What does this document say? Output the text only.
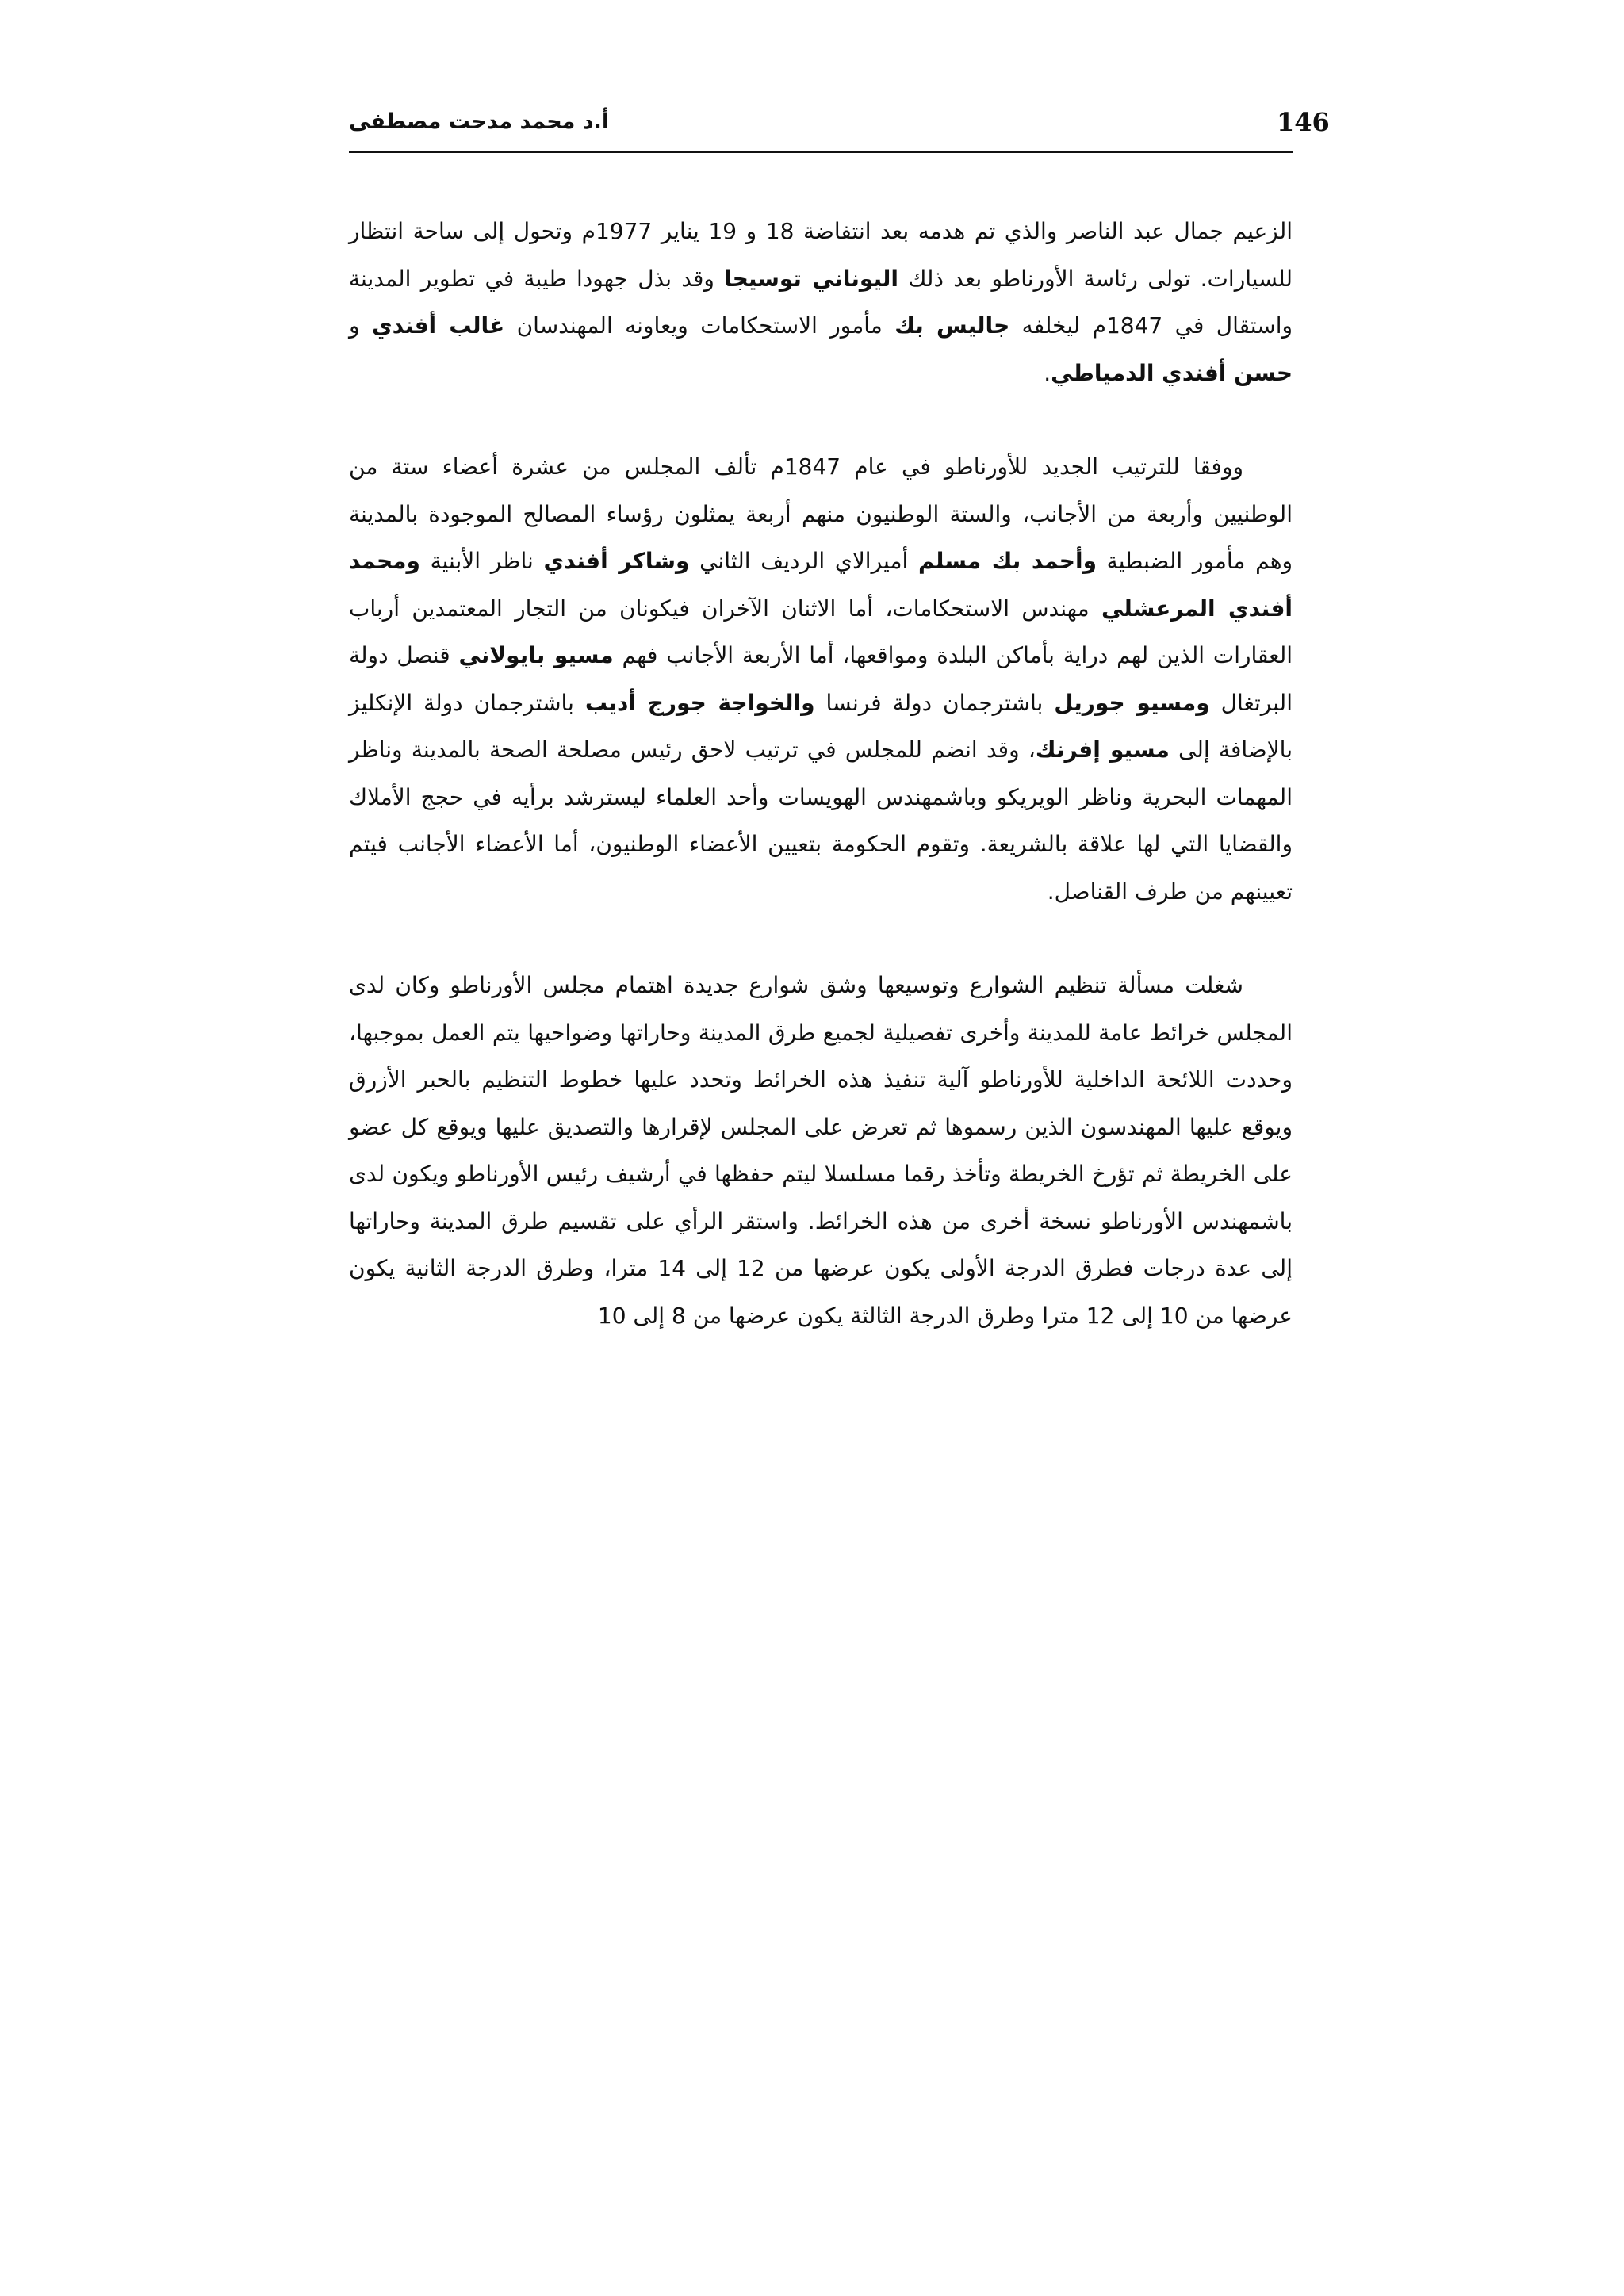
146
أ.د محمد مدحت مصطفى

الزعيم جمال عبد الناصر والذي تم هدمه بعد انتفاضة 18 و 19 يناير 1977م وتحول إلى ساحة انتظار للسيارات. تولى رئاسة الأورناطو بعد ذلك اليوناني توسيجا وقد بذل جهودا طيبة في تطوير المدينة واستقال في 1847م ليخلفه جاليس بك مأمور الاستحكامات ويعاونه المهندسان غالب أفندي و حسن أفندي الدمياطي.

ووفقا للترتيب الجديد للأورناطو في عام 1847م تألف المجلس من عشرة أعضاء ستة من الوطنيين وأربعة من الأجانب، والستة الوطنيون منهم أربعة يمثلون رؤساء المصالح الموجودة بالمدينة وهم مأمور الضبطية وأحمد بك مسلم أميرالاي الرديف الثاني وشاكر أفندي ناظر الأبنية ومحمد أفندي المرعشلي مهندس الاستحكامات، أما الاثنان الآخران فيكونان من التجار المعتمدين أرباب العقارات الذين لهم دراية بأماكن البلدة ومواقعها، أما الأربعة الأجانب فهم مسيو بايولاني قنصل دولة البرتغال ومسيو جوريل باشترجمان دولة فرنسا والخواجة جورج أديب باشترجمان دولة الإنكليز بالإضافة إلى مسيو إفرنك، وقد انضم للمجلس في ترتيب لاحق رئيس مصلحة الصحة بالمدينة وناظر المهمات البحرية وناظر الويريكو وباشمهندس الهويسات وأحد العلماء ليسترشد برأيه في حجج الأملاك والقضايا التي لها علاقة بالشريعة. وتقوم الحكومة بتعيين الأعضاء الوطنيون، أما الأعضاء الأجانب فيتم تعيينهم من طرف القناصل.

شغلت مسألة تنظيم الشوارع وتوسيعها وشق شوارع جديدة اهتمام مجلس الأورناطو وكان لدى المجلس خرائط عامة للمدينة وأخرى تفصيلية لجميع طرق المدينة وحاراتها وضواحيها يتم العمل بموجبها، وحددت اللائحة الداخلية للأورناطو آلية تنفيذ هذه الخرائط وتحدد عليها خطوط التنظيم بالحبر الأزرق ويوقع عليها المهندسون الذين رسموها ثم تعرض على المجلس لإقرارها والتصديق عليها ويوقع كل عضو على الخريطة ثم تؤرخ الخريطة وتأخذ رقما مسلسلا ليتم حفظها في أرشيف رئيس الأورناطو ويكون لدى باشمهندس الأورناطو نسخة أخرى من هذه الخرائط. واستقر الرأي على تقسيم طرق المدينة وحاراتها إلى عدة درجات فطرق الدرجة الأولى يكون عرضها من 12 إلى 14 مترا، وطرق الدرجة الثانية يكون عرضها من 10 إلى 12 مترا وطرق الدرجة الثالثة يكون عرضها من 8 إلى 10
